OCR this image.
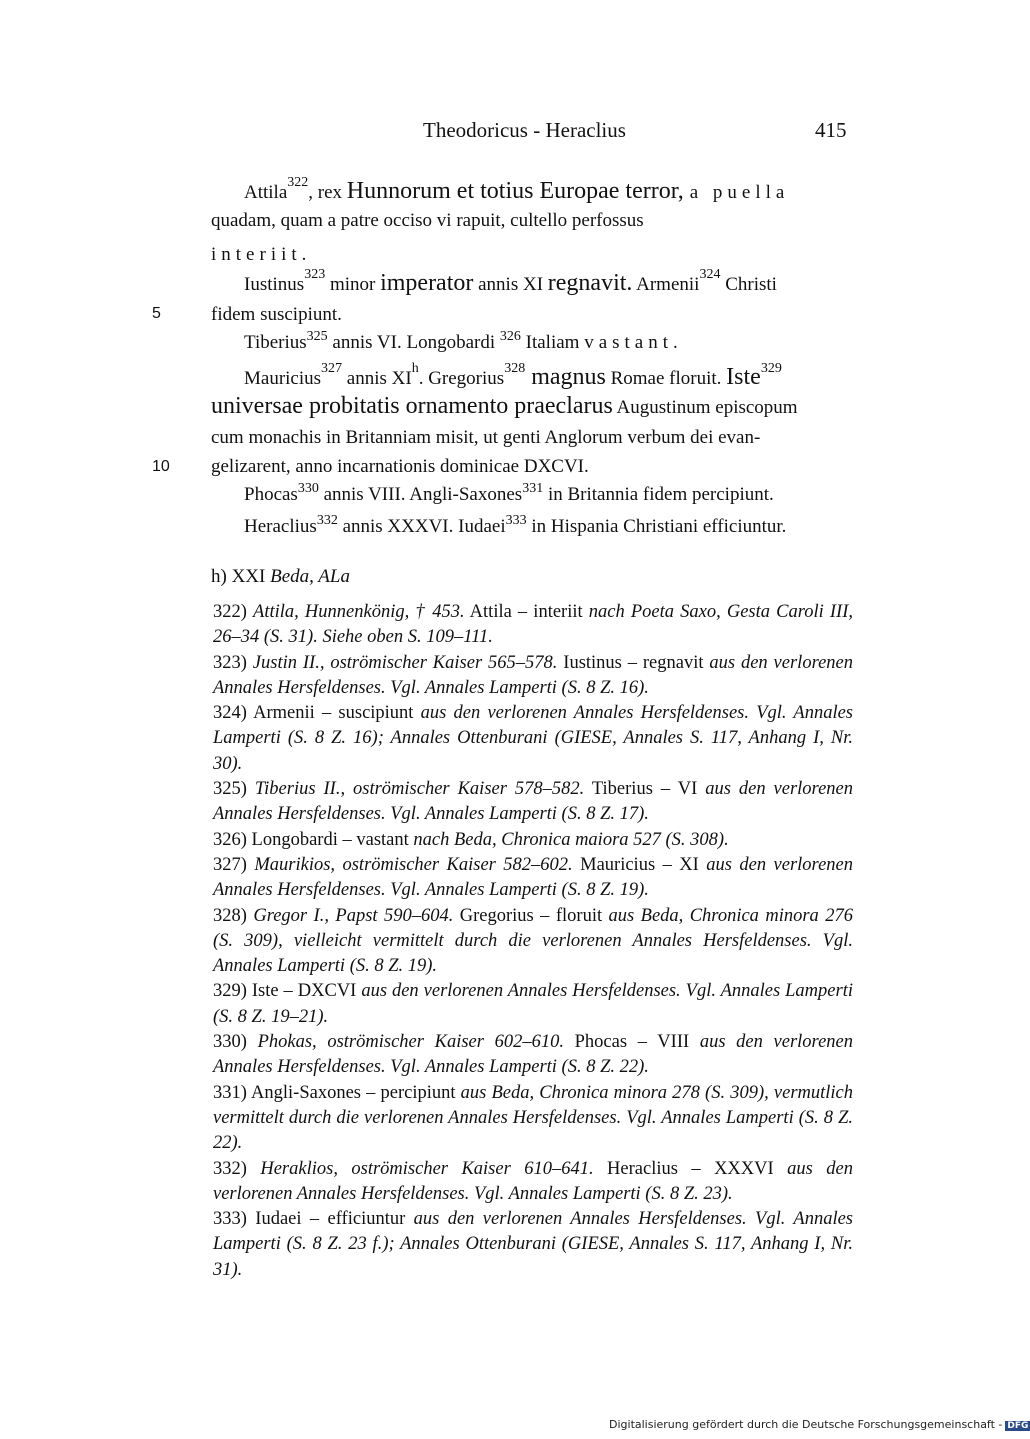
Theodoricus - Heraclius	415
Attila$^{322}$, rex Hunnorum et totius Europae terror, a puella
quadam, quam a patre occiso vi rapuit, cultello perfossus
interiit.
Iustinus$^{323}$ minor imperator annis XI regnavit. Armenii$^{324}$ Christi
5	fidem suscipiunt.
Tiberius$^{325}$ annis VI. Longobardi $^{326}$ Italiam vastant.
Mauricius$^{327}$ annis $XI^h$. Gregorius$^{328}$ magnus Romae floruit. Iste$^{329}$
universae probitatis ornamento praeclarus Augustinum episcopum
cum monachis in Britanniam misit, ut genti Anglorum verbum dei evan-
10 gelizarent, anno incarnationis dominicae DXCVI.
Phocas$^{330}$ annis VIII. Angli-Saxones$^{331}$ in Britannia fidem percipiunt.
Heraclius$^{332}$ annis XXXVI. Iudaei$^{333}$ in Hispania Christiani efficiuntur.
h) XXI Beda, ALa

322) Attila, Hunnenkönig, † 453. Attila – interiit nach Poeta Saxo, Gesta Caroli III, 26–34 (S. 31). Siehe oben S. 109–111.

323) Justin II., oströmischer Kaiser 565–578. Iustinus – regnavit aus den verlorenen Annales Hersfeldenses. Vgl. Annales Lamperti (S. 8 Z. 16).

324) Armenii – suscipiunt aus den verlorenen Annales Hersfeldenses. Vgl. Annales Lamperti (S. 8 Z. 16); Annales Ottenburani (GIESE, Annales S. 117, Anhang I, Nr. 30).

325) Tiberius II., oströmischer Kaiser 578–582. Tiberius – VI aus den verlorenen Annales Hersfeldenses. Vgl. Annales Lamperti (S. 8 Z. 17).

326) Longobardi – vastant nach Beda, Chronica maiora 527 (S. 308).

327) Maurikios, oströmischer Kaiser 582–602. Mauricius – XI aus den verlorenen Annales Hersfeldenses. Vgl. Annales Lamperti (S. 8 Z. 19).

328) Gregor I., Papst 590–604. Gregorius – floruit aus Beda, Chronica minora 276 (S. 309), vielleicht vermittelt durch die verlorenen Annales Hersfeldenses. Vgl. Annales Lamperti (S. 8 Z. 19).

329) Iste – DXCVI aus den verlorenen Annales Hersfeldenses. Vgl. Annales Lamperti (S. 8 Z. 19–21).

330) Phokas, oströmischer Kaiser 602–610. Phocas – VIII aus den verlorenen Annales Hersfeldenses. Vgl. Annales Lamperti (S. 8 Z. 22).

331) Angli-Saxones – percipiunt aus Beda, Chronica minora 278 (S. 309), vermutlich vermittelt durch die verlorenen Annales Hersfeldenses. Vgl. Annales Lamperti (S. 8 Z. 22).

332) Heraklios, oströmischer Kaiser 610–641. Heraclius – XXXVI aus den verlorenen Annales Hersfeldenses. Vgl. Annales Lamperti (S. 8 Z. 23).

333) Iudaei – efficiuntur aus den verlorenen Annales Hersfeldenses. Vgl. Annales Lamperti (S. 8 Z. 23 f.); Annales Ottenburani (GIESE, Annales S. 117, Anhang I, Nr. 31).

Digitalisierung gefördert durch die Deutsche Forschungsgemeinschaft - DFG
